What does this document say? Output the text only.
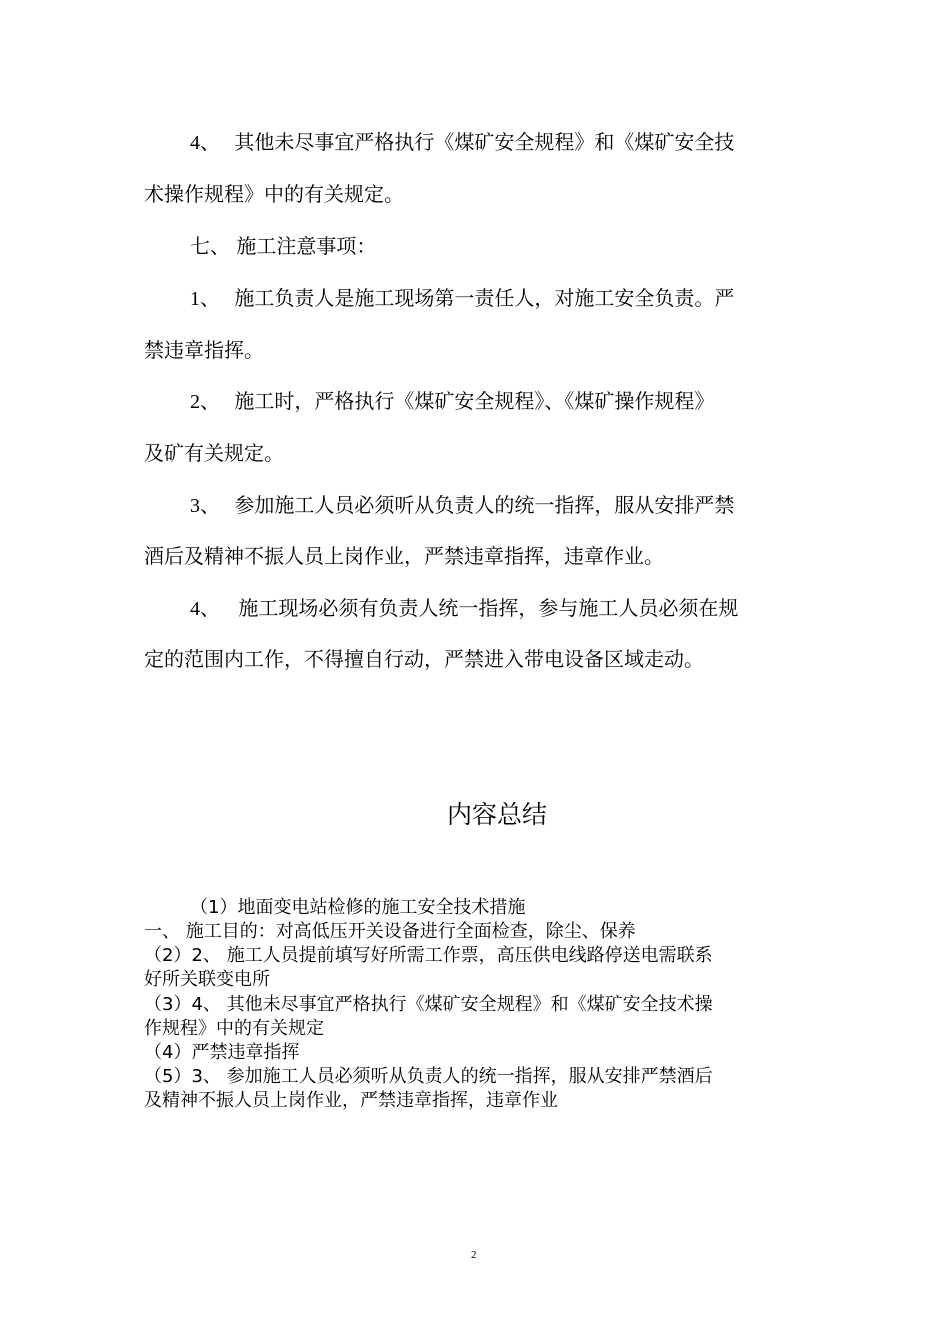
4、 其他未尽事宜严格执行《煤矿安全规程》和《煤矿安全技
术操作规程》中的有关规定。
七、 施工注意事项：
1、 施工负责人是施工现场第一责任人，对施工安全负责。严
禁违章指挥。
2、 施工时，严格执行《煤矿安全规程》、《煤矿操作规程》
及矿有关规定。
3、 参加施工人员必须听从负责人的统一指挥，服从安排严禁
酒后及精神不振人员上岗作业，严禁违章指挥，违章作业。
4、 施工现场必须有负责人统一指挥，参与施工人员必须在规
定的范围内工作，不得擅自行动，严禁进入带电设备区域走动。
内容总结
（1）地面变电站检修的施工安全技术措施
一、 施工目的：对高低压开关设备进行全面检查，除尘、保养
（2）2、 施工人员提前填写好所需工作票，高压供电线路停送电需联系
好所关联变电所
（3）4、 其他未尽事宜严格执行《煤矿安全规程》和《煤矿安全技术操
作规程》中的有关规定
（4）严禁违章指挥
（5）3、 参加施工人员必须听从负责人的统一指挥，服从安排严禁酒后
及精神不振人员上岗作业，严禁违章指挥，违章作业
2
